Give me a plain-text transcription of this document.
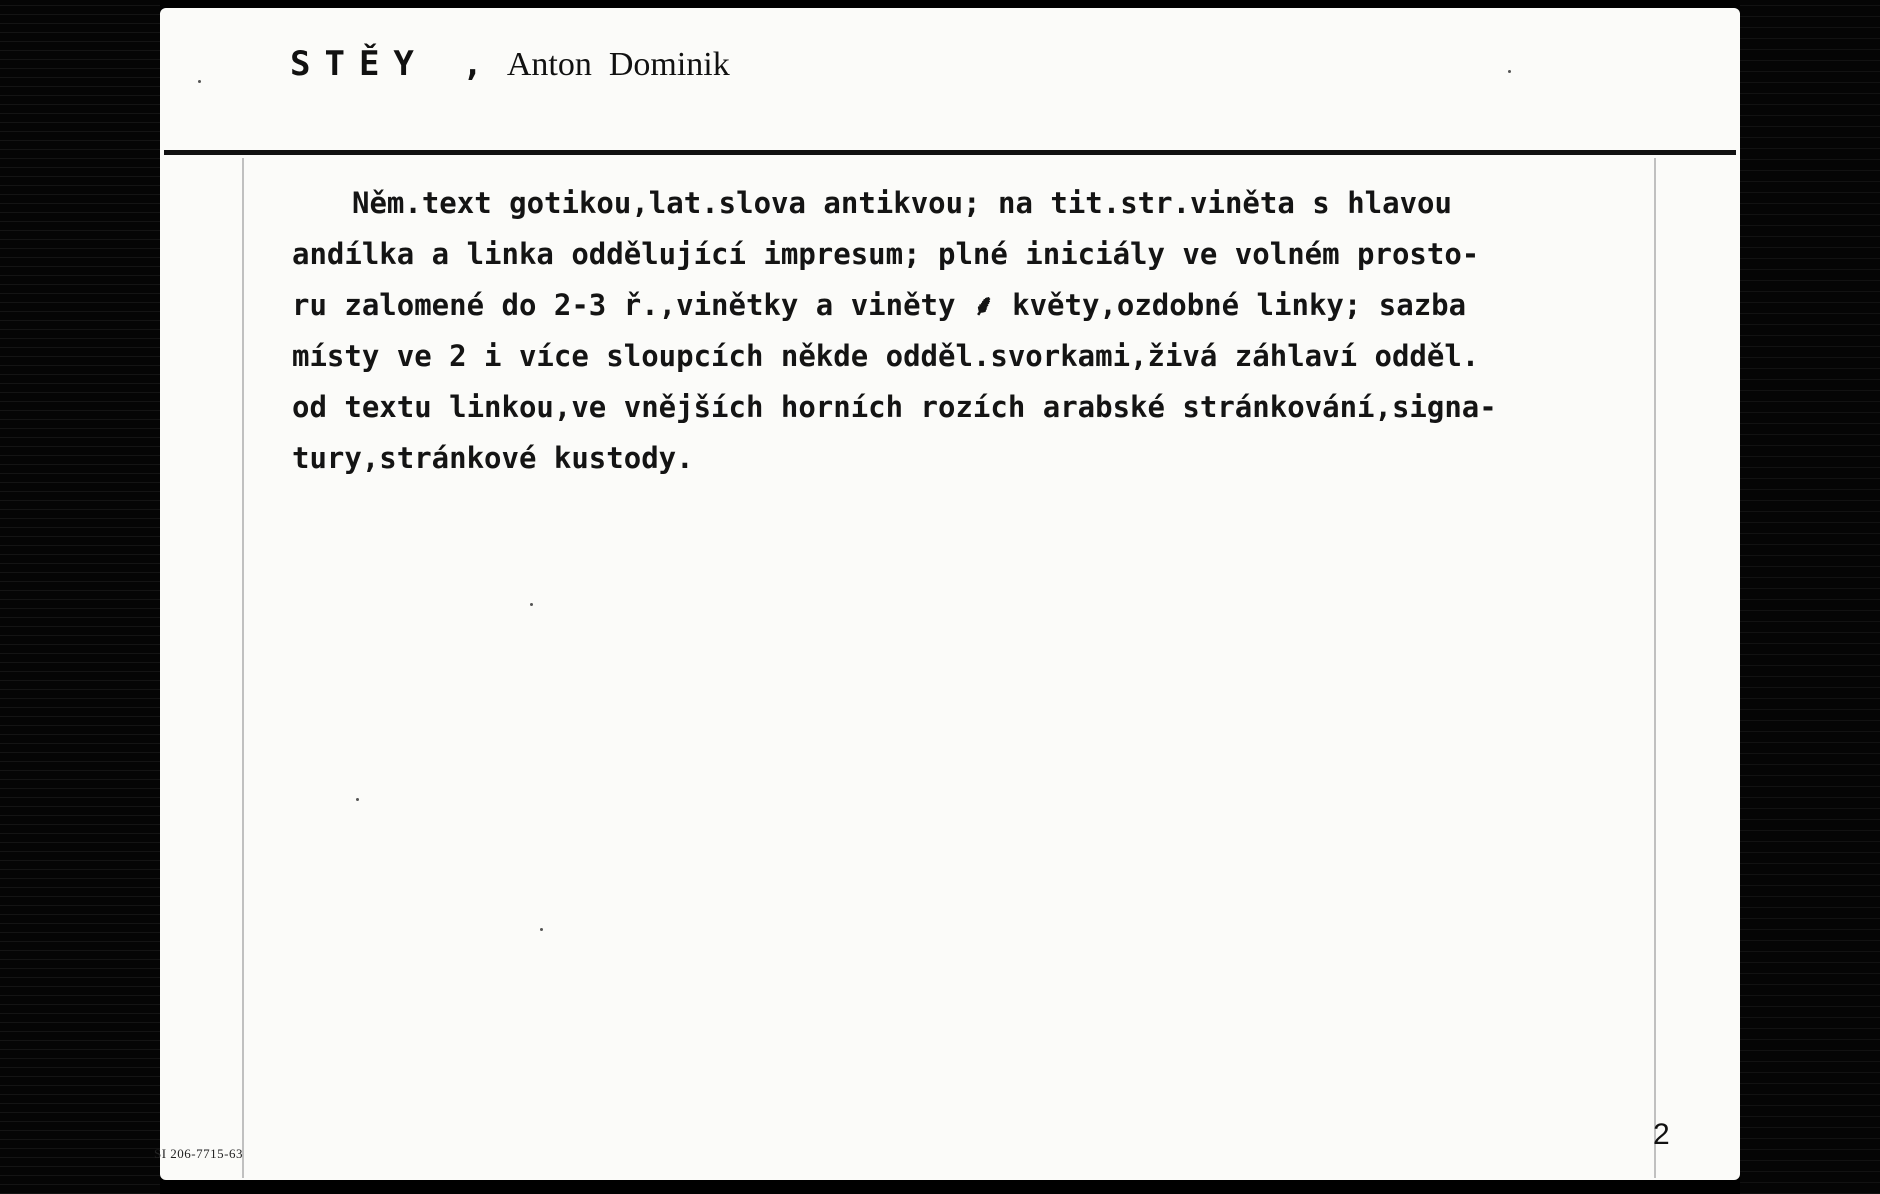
STĚY , Anton  Dominik
Něm.text gotikou,lat.slova antikvou; na tit.str.viněta s hlavou
andílka a linka oddělující impresum; plné iniciály ve volném prosto-
ru zalomené do 2-3 ř.,vinětky a viněty ⸙ květy,ozdobné linky; sazba
místy ve 2 i více sloupcích někde odděl.svorkami,živá záhlaví odděl.
od textu linkou,ve vnějších horních rozích arabské stránkování,signa-
tury,stránkové kustody.
SI 206-7715-63
2
